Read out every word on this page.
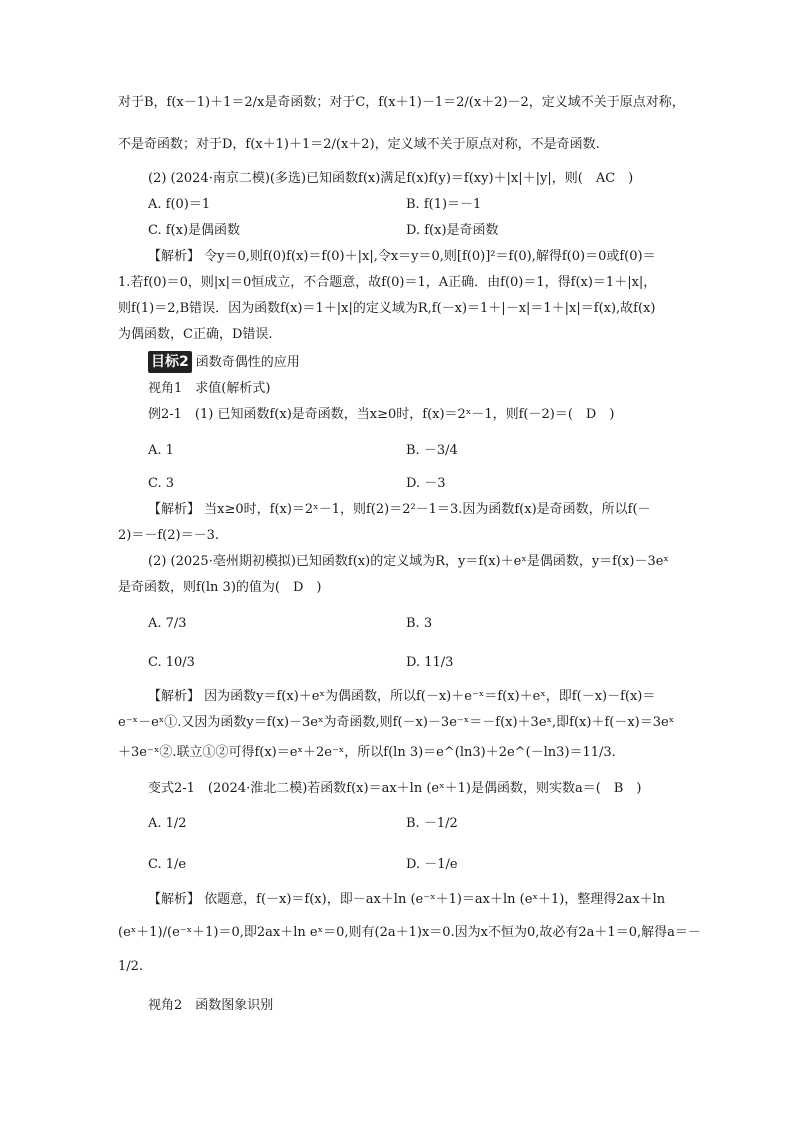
对于B，f(x－1)＋1＝2/x是奇函数；对于C，f(x＋1)－1＝2/(x＋2)－2，定义域不关于原点对称，
不是奇函数；对于D，f(x＋1)＋1＝2/(x＋2)，定义域不关于原点对称，不是奇函数.
(2) (2024·南京二模)(多选)已知函数f(x)满足f(x)f(y)＝f(xy)＋|x|＋|y|，则(　AC　)
A. f(0)＝1	B. f(1)＝－1
C. f(x)是偶函数	D. f(x)是奇函数
【解析】 令y＝0,则f(0)f(x)＝f(0)＋|x|,令x＝y＝0,则[f(0)]²＝f(0),解得f(0)＝0或f(0)＝
1.若f(0)＝0，则|x|＝0恒成立，不合题意，故f(0)＝1，A正确．由f(0)＝1，得f(x)＝1＋|x|，
则f(1)＝2,B错误．因为函数f(x)＝1＋|x|的定义域为R,f(－x)＝1＋|－x|＝1＋|x|＝f(x),故f(x)
为偶函数，C正确，D错误.
目标2 函数奇偶性的应用
视角1　求值(解析式)
例2-1　(1) 已知函数f(x)是奇函数，当x≥0时，f(x)＝2ˣ－1，则f(－2)＝(　D　)
A. 1	B. －3/4
C. 3	D. －3
【解析】 当x≥0时，f(x)＝2ˣ－1，则f(2)＝2²－1＝3.因为函数f(x)是奇函数，所以f(－
2)＝－f(2)＝－3.
(2) (2025·亳州期初模拟)已知函数f(x)的定义域为R，y＝f(x)＋eˣ是偶函数，y＝f(x)－3eˣ
是奇函数，则f(ln 3)的值为(　D　)
A. 7/3	B. 3
C. 10/3	D. 11/3
【解析】 因为函数y＝f(x)＋eˣ为偶函数，所以f(－x)＋e⁻ˣ＝f(x)＋eˣ，即f(－x)－f(x)＝
e⁻ˣ－eˣ①.又因为函数y＝f(x)－3eˣ为奇函数,则f(－x)－3e⁻ˣ＝－f(x)＋3eˣ,即f(x)＋f(－x)＝3eˣ
＋3e⁻ˣ②.联立①②可得f(x)＝eˣ＋2e⁻ˣ，所以f(ln 3)＝e^(ln3)＋2e^(－ln3)＝11/3.
变式2-1　(2024·淮北二模)若函数f(x)＝ax＋ln (eˣ＋1)是偶函数，则实数a＝(　B　)
A. 1/2	B. －1/2
C. 1/e	D. －1/e
【解析】 依题意，f(－x)＝f(x)，即－ax＋ln (e⁻ˣ＋1)＝ax＋ln (eˣ＋1)，整理得2ax＋ln
(eˣ＋1)/(e⁻ˣ＋1)＝0,即2ax＋ln eˣ＝0,则有(2a＋1)x＝0.因为x不恒为0,故必有2a＋1＝0,解得a＝－
1/2.
视角2　函数图象识别
